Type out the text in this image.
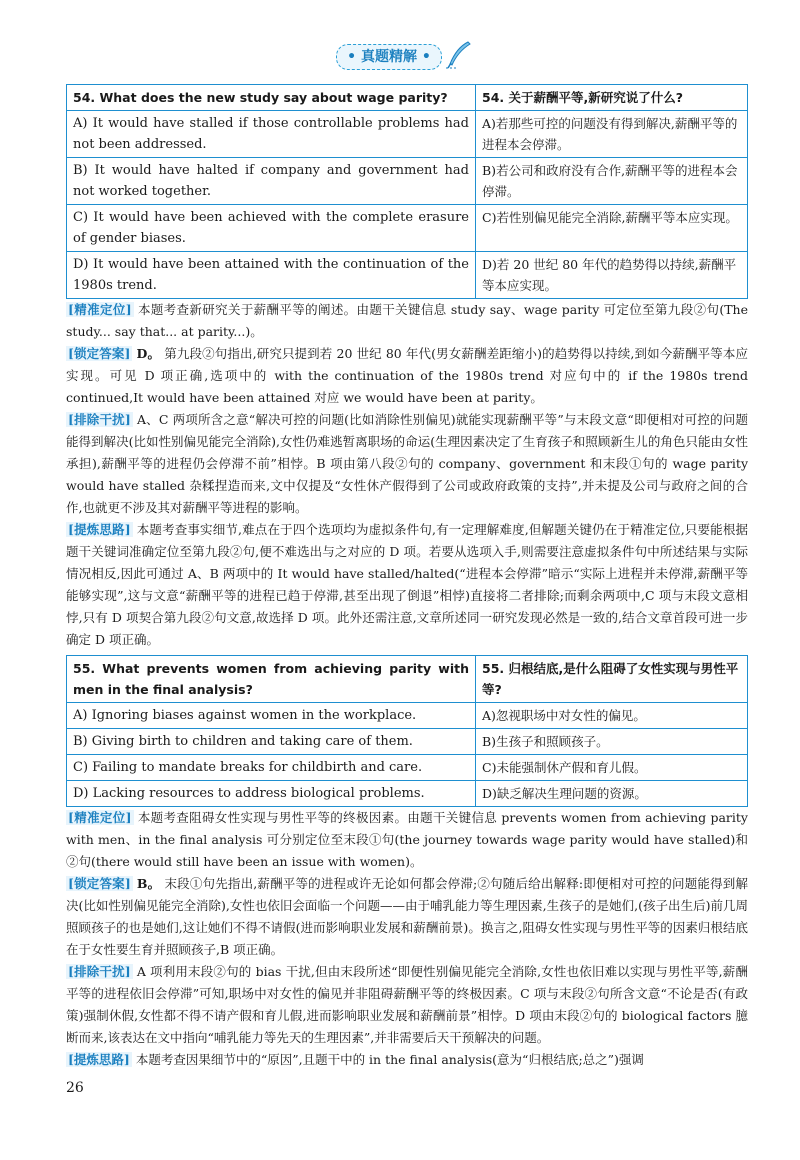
• 真题精解 •
54. What does the new study say about wage parity?	54. 关于薪酬平等,新研究说了什么?
A) It would have stalled if those controllable problems had not been addressed.	A)若那些可控的问题没有得到解决,薪酬平等的进程本会停滞。
B) It would have halted if company and government had not worked together.	B)若公司和政府没有合作,薪酬平等的进程本会停滞。
C) It would have been achieved with the complete erasure of gender biases.	C)若性别偏见能完全消除,薪酬平等本应实现。
D) It would have been attained with the continuation of the 1980s trend.	D)若 20 世纪 80 年代的趋势得以持续,薪酬平等本应实现。

[精准定位] 本题考查新研究关于薪酬平等的阐述。由题干关键信息 study say、wage parity 可定位至第九段②句(The study... say that... at parity...)。

[锁定答案] D。 第九段②句指出,研究只提到若 20 世纪 80 年代(男女薪酬差距缩小)的趋势得以持续,到如今薪酬平等本应实现。可见 D 项正确,选项中的 with the continuation of the 1980s trend 对应句中的 if the 1980s trend continued,It would have been attained 对应 we would have been at parity。

[排除干扰] A、C 两项所含之意“解决可控的问题(比如消除性别偏见)就能实现薪酬平等”与末段文意“即便相对可控的问题能得到解决(比如性别偏见能完全消除),女性仍难逃暂离职场的命运(生理因素决定了生育孩子和照顾新生儿的角色只能由女性承担),薪酬平等的进程仍会停滞不前”相悖。B 项由第八段②句的 company、government 和末段①句的 wage parity would have stalled 杂糅捏造而来,文中仅提及“女性休产假得到了公司或政府政策的支持”,并未提及公司与政府之间的合作,也就更不涉及其对薪酬平等进程的影响。

[提炼思路] 本题考查事实细节,难点在于四个选项均为虚拟条件句,有一定理解难度,但解题关键仍在于精准定位,只要能根据题干关键词准确定位至第九段②句,便不难选出与之对应的 D 项。若要从选项入手,则需要注意虚拟条件句中所述结果与实际情况相反,因此可通过 A、B 两项中的 It would have stalled/halted(“进程本会停滞”暗示“实际上进程并未停滞,薪酬平等能够实现”,这与文意“薪酬平等的进程已趋于停滞,甚至出现了倒退”相悖)直接将二者排除;而剩余两项中,C 项与末段文意相悖,只有 D 项契合第九段②句文意,故选择 D 项。此外还需注意,文章所述同一研究发现必然是一致的,结合文章首段可进一步确定 D 项正确。

55. What prevents women from achieving parity with men in the final analysis?	55. 归根结底,是什么阻碍了女性实现与男性平等?
A) Ignoring biases against women in the workplace.	A)忽视职场中对女性的偏见。
B) Giving birth to children and taking care of them.	B)生孩子和照顾孩子。
C) Failing to mandate breaks for childbirth and care.	C)未能强制休产假和育儿假。
D) Lacking resources to address biological problems.	D)缺乏解决生理问题的资源。

[精准定位] 本题考查阻碍女性实现与男性平等的终极因素。由题干关键信息 prevents women from achieving parity with men、in the final analysis 可分别定位至末段①句(the journey towards wage parity would have stalled)和②句(there would still have been an issue with women)。

[锁定答案] B。 末段①句先指出,薪酬平等的进程或许无论如何都会停滞;②句随后给出解释:即便相对可控的问题能得到解决(比如性别偏见能完全消除),女性也依旧会面临一个问题——由于哺乳能力等生理因素,生孩子的是她们,(孩子出生后)前几周照顾孩子的也是她们,这让她们不得不请假(进而影响职业发展和薪酬前景)。换言之,阻碍女性实现与男性平等的因素归根结底在于女性要生育并照顾孩子,B 项正确。

[排除干扰] A 项利用末段②句的 bias 干扰,但由末段所述“即便性别偏见能完全消除,女性也依旧难以实现与男性平等,薪酬平等的进程依旧会停滞”可知,职场中对女性的偏见并非阻碍薪酬平等的终极因素。C 项与末段②句所含文意“不论是否(有政策)强制休假,女性都不得不请产假和育儿假,进而影响职业发展和薪酬前景”相悖。D 项由末段②句的 biological factors 臆断而来,该表达在文中指向“哺乳能力等先天的生理因素”,并非需要后天干预解决的问题。

[提炼思路] 本题考查因果细节中的“原因”,且题干中的 in the final analysis(意为“归根结底;总之”)强调

26
